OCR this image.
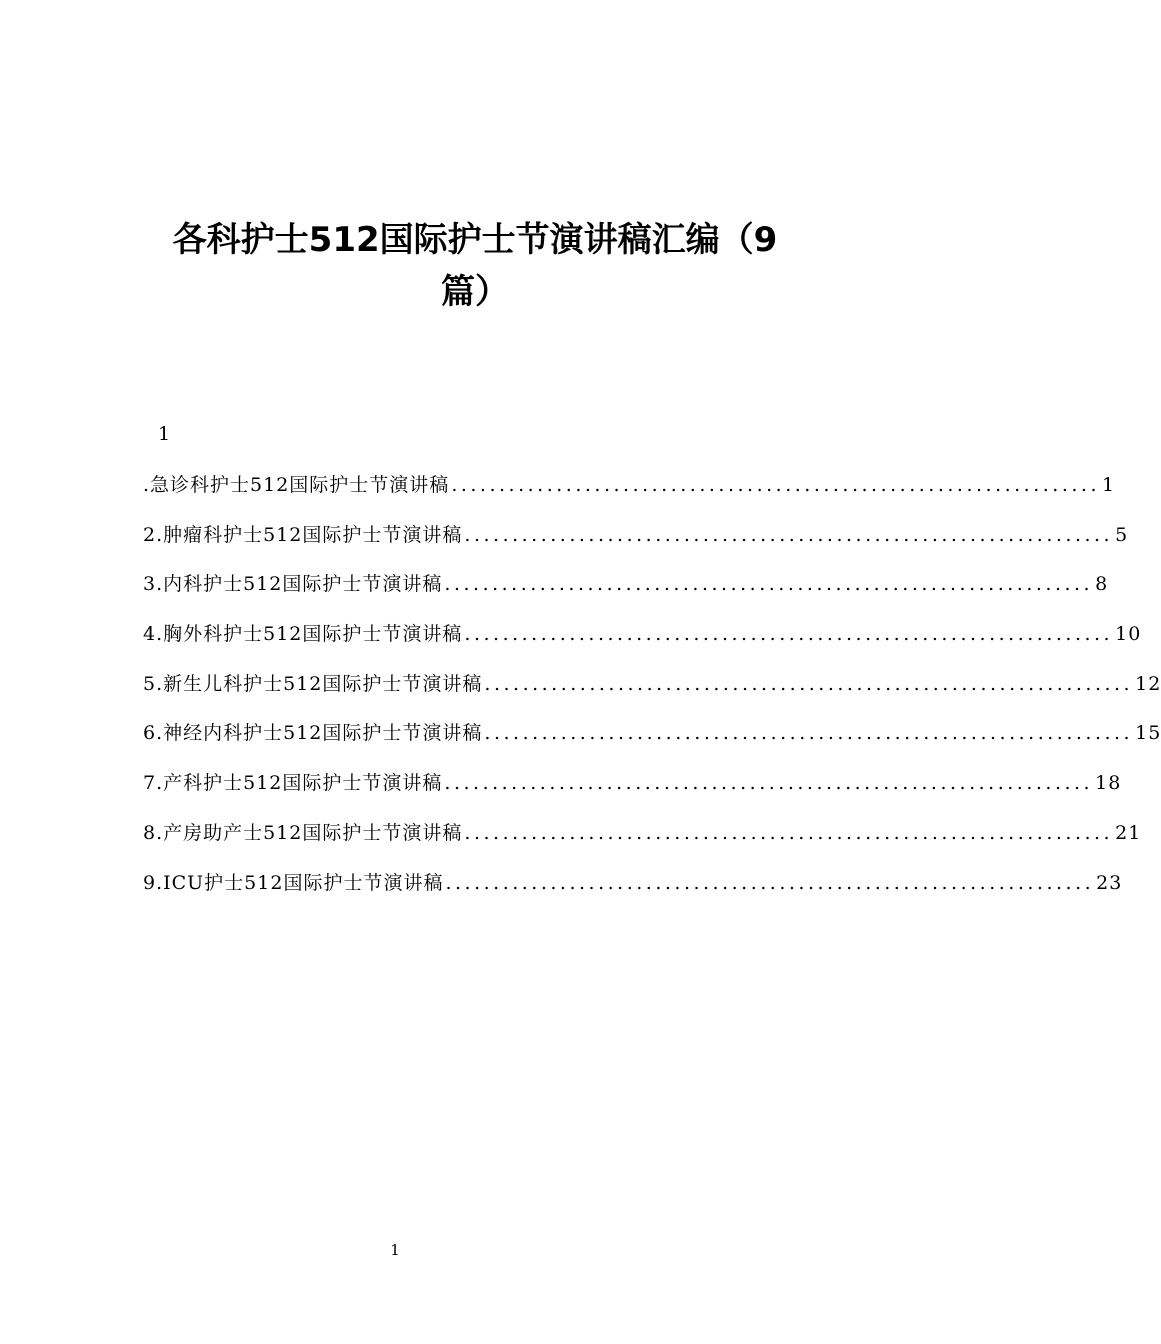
各科护士512国际护士节演讲稿汇编（9
篇）
1
.急诊科护士512国际护士节演讲稿 .................................................................... 1
2.肿瘤科护士512国际护士节演讲稿 .................................................................... 5
3.内科护士512国际护士节演讲稿 .................................................................... 8
4.胸外科护士512国际护士节演讲稿 .................................................................... 10
5.新生儿科护士512国际护士节演讲稿 .................................................................... 12
6.神经内科护士512国际护士节演讲稿 .................................................................... 15
7.产科护士512国际护士节演讲稿 .................................................................... 18
8.产房助产士512国际护士节演讲稿 .................................................................... 21
9.ICU护士512国际护士节演讲稿 .................................................................... 23
1
